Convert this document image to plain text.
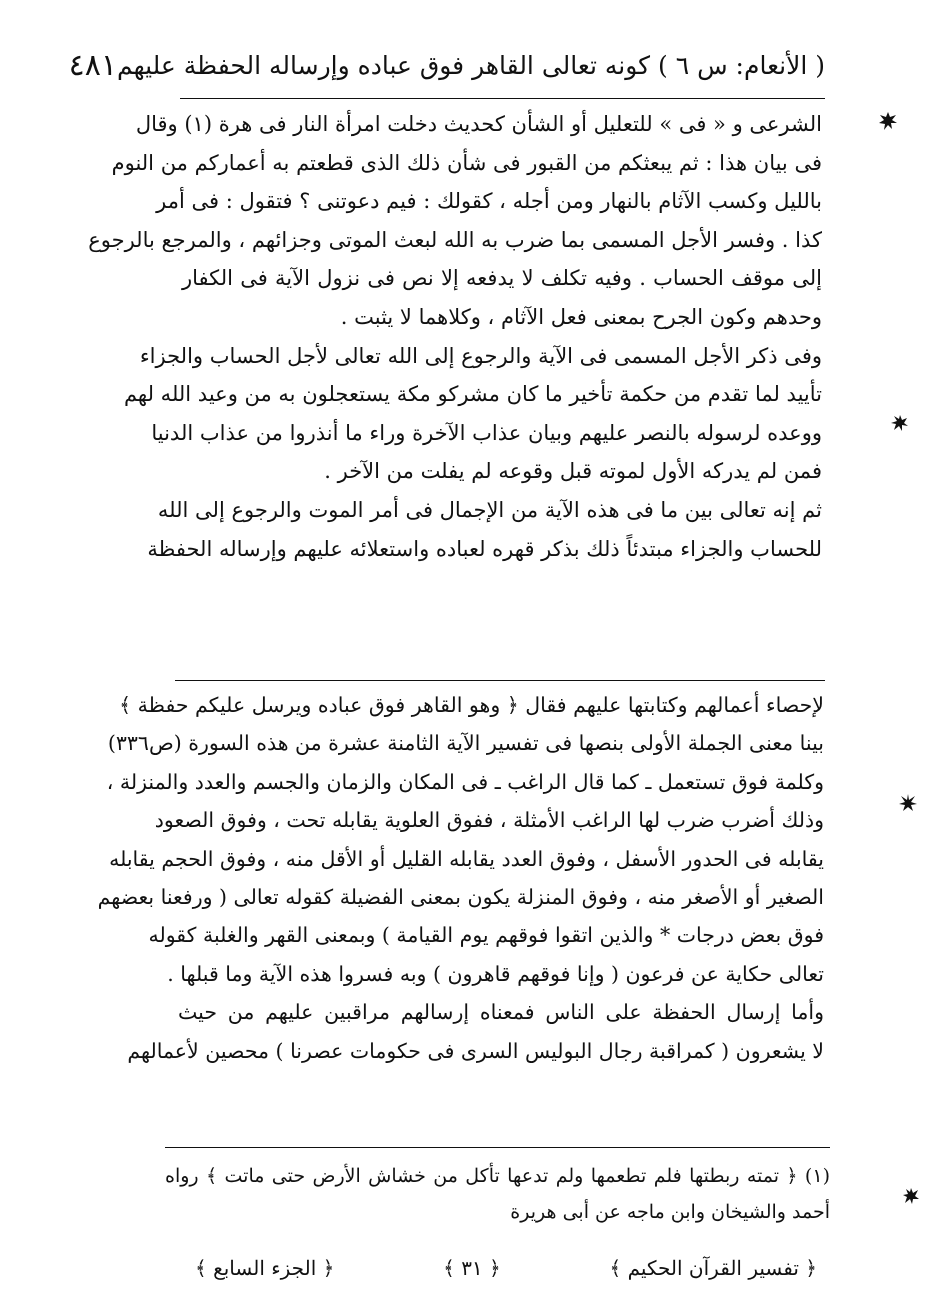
( الأنعام: س ٦ ) كونه تعالى القاهر فوق عباده وإرساله الحفظة عليهم
٤٨١
الشرعى و « فى » للتعليل أو الشأن كحديث دخلت امرأة النار فى هرة (١) وقال
فى بيان هذا : ثم يبعثكم من القبور فى شأن ذلك الذى قطعتم به أعماركم من النوم
بالليل وكسب الآثام بالنهار ومن أجله ، كقولك : فيم دعوتنى ؟ فتقول : فى أمر
كذا . وفسر الأجل المسمى بما ضرب به الله لبعث الموتى وجزائهم ، والمرجع بالرجوع
إلى موقف الحساب . وفيه تكلف لا يدفعه إلا نص فى نزول الآية فى الكفار
وحدهم وكون الجرح بمعنى فعل الآثام ، وكلاهما لا يثبت .
وفى ذكر الأجل المسمى فى الآية والرجوع إلى الله تعالى لأجل الحساب والجزاء
تأييد لما تقدم من حكمة تأخير ما كان مشركو مكة يستعجلون به من وعيد الله لهم
ووعده لرسوله بالنصر عليهم وبيان عذاب الآخرة وراء ما أنذروا من عذاب الدنيا
فمن لم يدركه الأول لموته قبل وقوعه لم يفلت من الآخر .
ثم إنه تعالى بين ما فى هذه الآية من الإجمال فى أمر الموت والرجوع إلى الله
للحساب والجزاء مبتدئاً ذلك بذكر قهره لعباده واستعلائه عليهم وإرساله الحفظة
لإحصاء أعمالهم وكتابتها عليهم فقال ﴿ وهو القاهر فوق عباده ويرسل عليكم حفظة ﴾
بينا معنى الجملة الأولى بنصها فى تفسير الآية الثامنة عشرة من هذه السورة (ص٣٣٦)
وكلمة فوق تستعمل ـ كما قال الراغب ـ فى المكان والزمان والجسم والعدد والمنزلة ،
وذلك أضرب ضرب لها الراغب الأمثلة ، ففوق العلوية يقابله تحت ، وفوق الصعود
يقابله فى الحدور الأسفل ، وفوق العدد يقابله القليل أو الأقل منه ، وفوق الحجم يقابله
الصغير أو الأصغر منه ، وفوق المنزلة يكون بمعنى الفضيلة كقوله تعالى ( ورفعنا بعضهم
فوق بعض درجات * والذين اتقوا فوقهم يوم القيامة ) وبمعنى القهر والغلبة كقوله
تعالى حكاية عن فرعون ( وإنا فوقهم قاهرون ) وبه فسروا هذه الآية وما قبلها .
وأما إرسال الحفظة على الناس فمعناه إرسالهم مراقبين عليهم من حيث
لا يشعرون ( كمراقبة رجال البوليس السرى فى حكومات عصرنا ) محصين لأعمالهم
(١) ﴿ تمته ربطتها فلم تطعمها ولم تدعها تأكل من خشاش الأرض حتى ماتت ﴾ رواه
أحمد والشيخان وابن ماجه عن أبى هريرة
﴿ تفسير القرآن الحكيم ﴾
﴿ ٣١ ﴾
﴿ الجزء السابع ﴾
